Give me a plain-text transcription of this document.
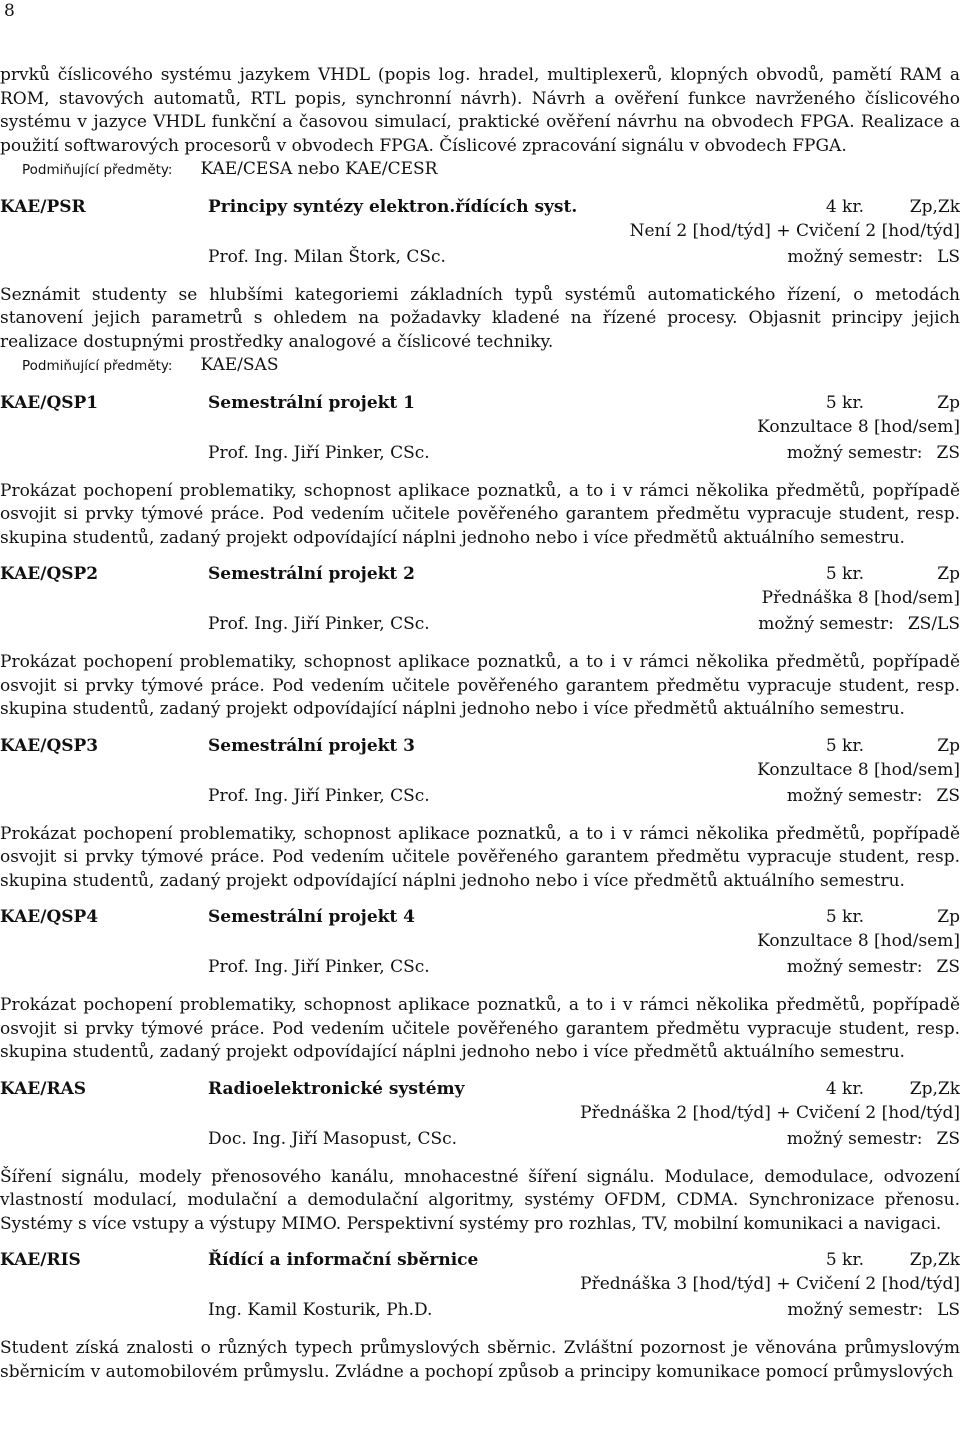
8

prvků číslicového systému jazykem VHDL (popis log. hradel, multiplexerů, klopných obvodů, pamětí RAM a ROM, stavových automatů, RTL popis, synchronní návrh). Návrh a ověření funkce navrženého číslicového systému v jazyce VHDL funkční a časovou simulací, praktické ověření návrhu na obvodech FPGA. Realizace a použití softwarových procesorů v obvodech FPGA. Číslicové zpracování signálu v obvodech FPGA.

Podmiňující předměty: KAE/CESA nebo KAE/CESR
KAE/PSR	Principy syntézy elektron.řídících syst.	4 kr.	Zp,Zk
Není 2 [hod/týd] + Cvičení 2 [hod/týd]
Prof. Ing. Milan Štork, CSc.	možný semestr: LS

Seznámit studenty se hlubšími kategoriemi základních typů systémů automatického řízení, o metodách stanovení jejich parametrů s ohledem na požadavky kladené na řízené procesy. Objasnit principy jejich realizace dostupnými prostředky analogové a číslicové techniky.

Podmiňující předměty: KAE/SAS
KAE/QSP1	Semestrální projekt 1	5 kr.	Zp
Konzultace 8 [hod/sem]
Prof. Ing. Jiří Pinker, CSc.	možný semestr: ZS

Prokázat pochopení problematiky, schopnost aplikace poznatků, a to i v rámci několika předmětů, popřípadě osvojit si prvky týmové práce. Pod vedením učitele pověřeného garantem předmětu vypracuje student, resp. skupina studentů, zadaný projekt odpovídající náplni jednoho nebo i více předmětů aktuálního semestru.

KAE/QSP2	Semestrální projekt 2	5 kr.	Zp
Přednáška 8 [hod/sem]
Prof. Ing. Jiří Pinker, CSc.	možný semestr: ZS/LS

Prokázat pochopení problematiky, schopnost aplikace poznatků, a to i v rámci několika předmětů, popřípadě osvojit si prvky týmové práce. Pod vedením učitele pověřeného garantem předmětu vypracuje student, resp. skupina studentů, zadaný projekt odpovídající náplni jednoho nebo i více předmětů aktuálního semestru.

KAE/QSP3	Semestrální projekt 3	5 kr.	Zp
Konzultace 8 [hod/sem]
Prof. Ing. Jiří Pinker, CSc.	možný semestr: ZS

Prokázat pochopení problematiky, schopnost aplikace poznatků, a to i v rámci několika předmětů, popřípadě osvojit si prvky týmové práce. Pod vedením učitele pověřeného garantem předmětu vypracuje student, resp. skupina studentů, zadaný projekt odpovídající náplni jednoho nebo i více předmětů aktuálního semestru.

KAE/QSP4	Semestrální projekt 4	5 kr.	Zp
Konzultace 8 [hod/sem]
Prof. Ing. Jiří Pinker, CSc.	možný semestr: ZS

Prokázat pochopení problematiky, schopnost aplikace poznatků, a to i v rámci několika předmětů, popřípadě osvojit si prvky týmové práce. Pod vedením učitele pověřeného garantem předmětu vypracuje student, resp. skupina studentů, zadaný projekt odpovídající náplni jednoho nebo i více předmětů aktuálního semestru.

KAE/RAS	Radioelektronické systémy	4 kr.	Zp,Zk
Přednáška 2 [hod/týd] + Cvičení 2 [hod/týd]
Doc. Ing. Jiří Masopust, CSc.	možný semestr: ZS

Šíření signálu, modely přenosového kanálu, mnohacestné šíření signálu. Modulace, demodulace, odvození vlastností modulací, modulační a demodulační algoritmy, systémy OFDM, CDMA. Synchronizace přenosu. Systémy s více vstupy a výstupy MIMO. Perspektivní systémy pro rozhlas, TV, mobilní komunikaci a navigaci.

KAE/RIS	Řídící a informační sběrnice	5 kr.	Zp,Zk
Přednáška 3 [hod/týd] + Cvičení 2 [hod/týd]
Ing. Kamil Kosturik, Ph.D.	možný semestr: LS

Student získá znalosti o různých typech průmyslových sběrnic. Zvláštní pozornost je věnována průmyslovým sběrnicím v automobilovém průmyslu. Zvládne a pochopí způsob a principy komunikace pomocí průmyslových
